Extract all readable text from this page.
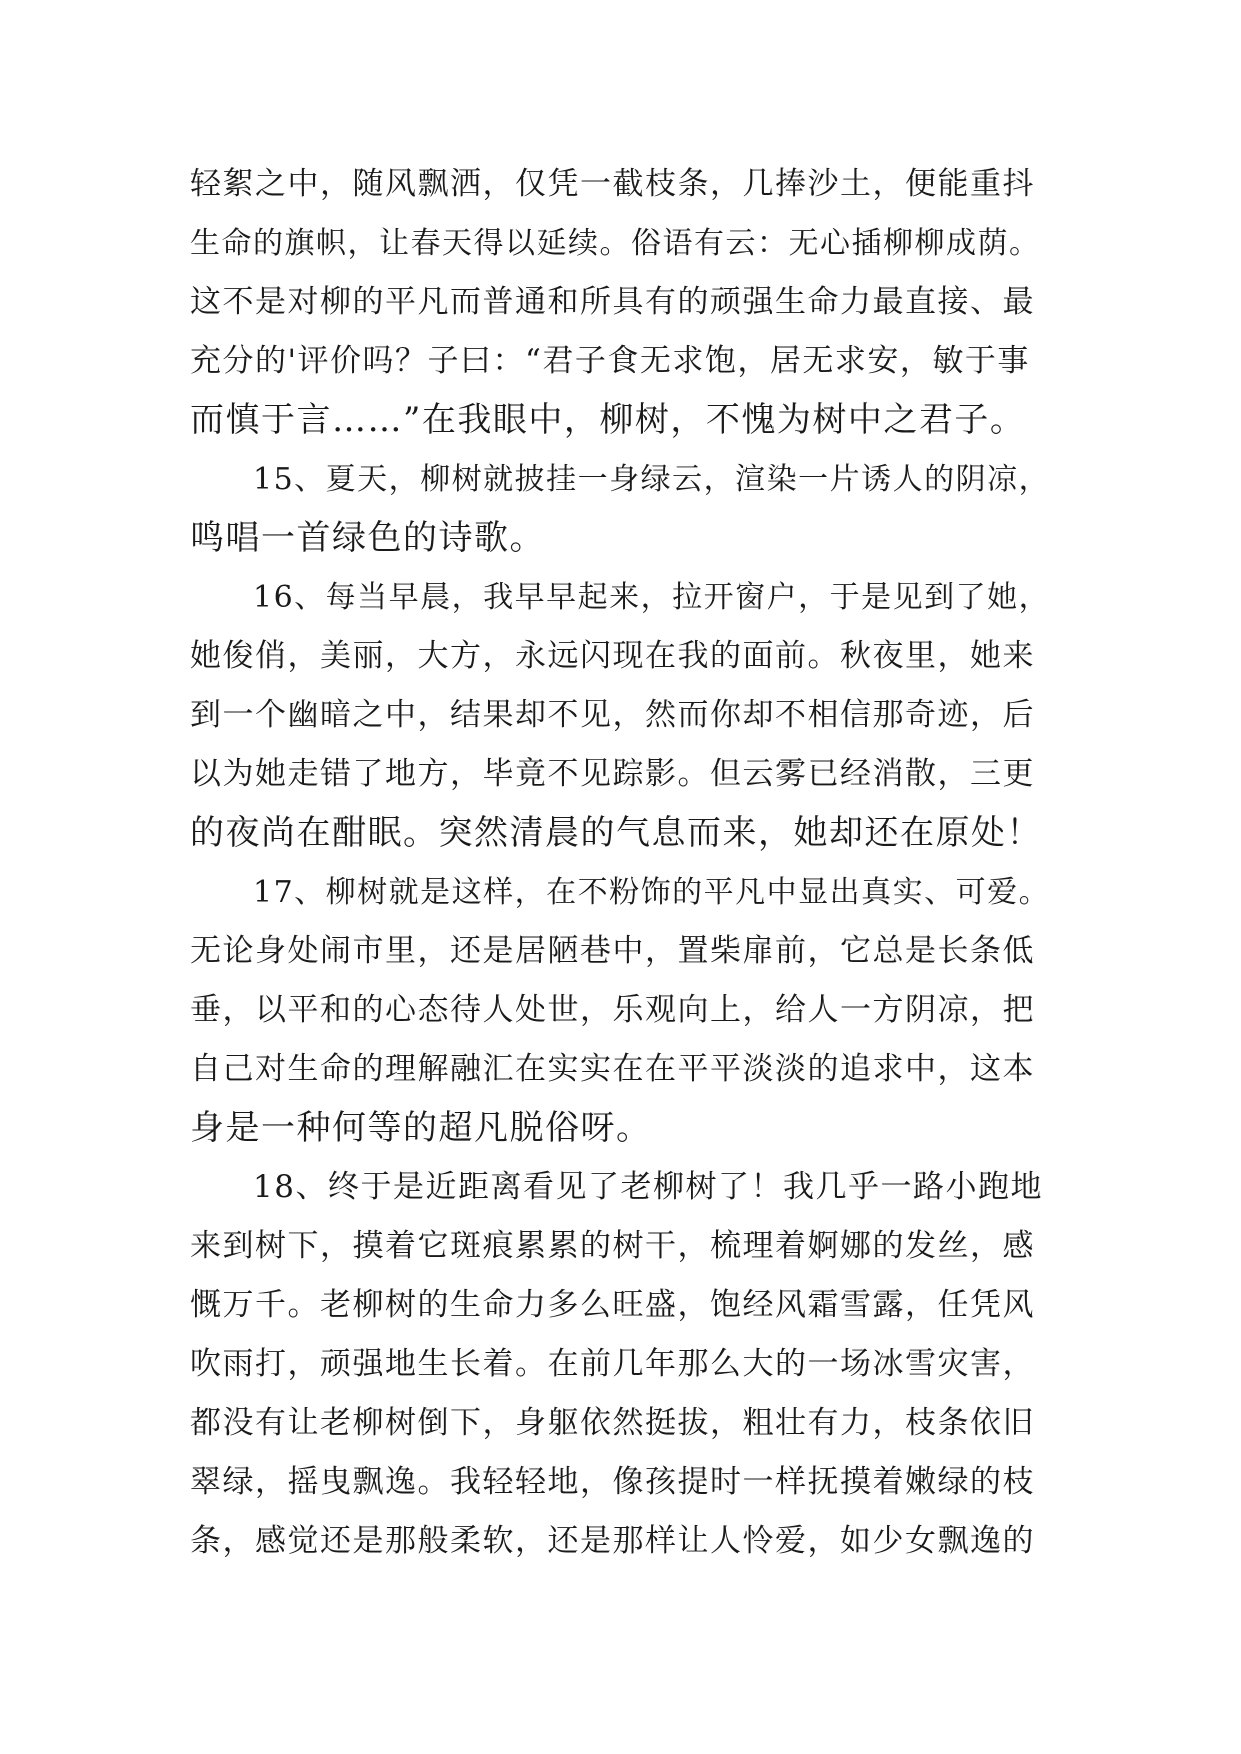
轻絮之中，随风飘洒，仅凭一截枝条，几捧沙土，便能重抖
生命的旗帜，让春天得以延续。俗语有云：无心插柳柳成荫。
这不是对柳的平凡而普通和所具有的顽强生命力最直接、最
充分的'评价吗？子曰：“君子食无求饱，居无求安，敏于事
而慎于言……”在我眼中，柳树，不愧为树中之君子。
15、夏天，柳树就披挂一身绿云，渲染一片诱人的阴凉，
鸣唱一首绿色的诗歌。
16、每当早晨，我早早起来，拉开窗户，于是见到了她，
她俊俏，美丽，大方，永远闪现在我的面前。秋夜里，她来
到一个幽暗之中，结果却不见，然而你却不相信那奇迹，后
以为她走错了地方，毕竟不见踪影。但云雾已经消散，三更
的夜尚在酣眠。突然清晨的气息而来，她却还在原处！
17、柳树就是这样，在不粉饰的平凡中显出真实、可爱。
无论身处闹市里，还是居陋巷中，置柴扉前，它总是长条低
垂，以平和的心态待人处世，乐观向上，给人一方阴凉，把
自己对生命的理解融汇在实实在在平平淡淡的追求中，这本
身是一种何等的超凡脱俗呀。
18、终于是近距离看见了老柳树了！我几乎一路小跑地
来到树下，摸着它斑痕累累的树干，梳理着婀娜的发丝，感
慨万千。老柳树的生命力多么旺盛，饱经风霜雪露，任凭风
吹雨打，顽强地生长着。在前几年那么大的一场冰雪灾害，
都没有让老柳树倒下，身躯依然挺拔，粗壮有力，枝条依旧
翠绿，摇曳飘逸。我轻轻地，像孩提时一样抚摸着嫩绿的枝
条，感觉还是那般柔软，还是那样让人怜爱，如少女飘逸的
